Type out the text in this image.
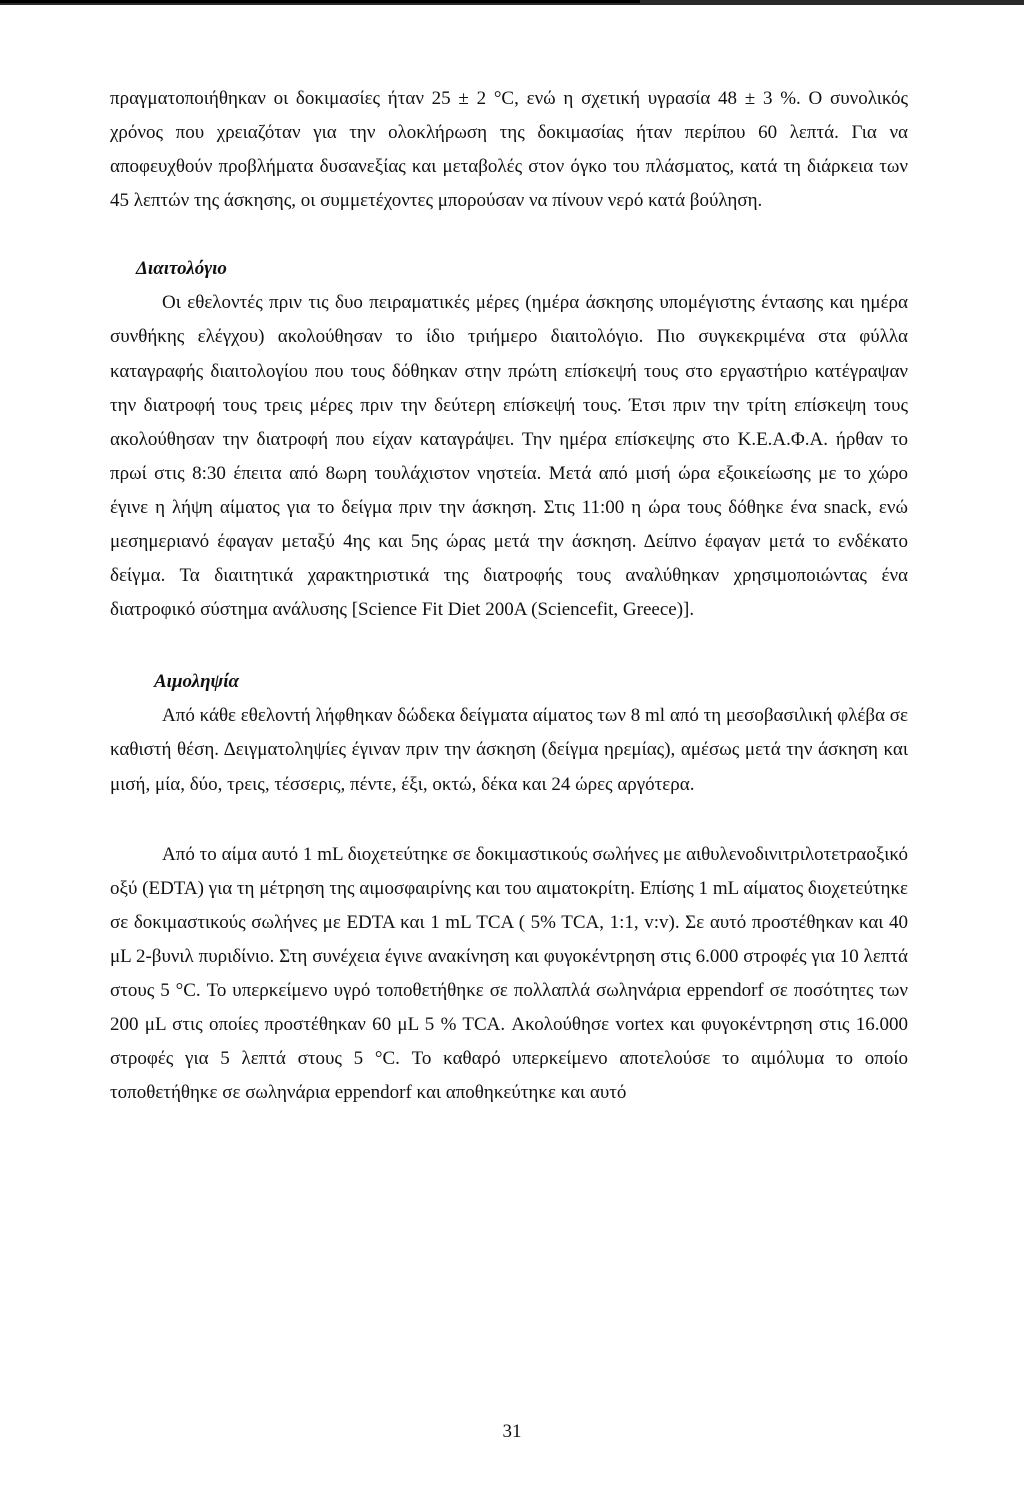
πραγματοποιήθηκαν οι δοκιμασίες ήταν 25 ± 2 °C, ενώ η σχετική υγρασία 48 ± 3 %. Ο συνολικός χρόνος που χρειαζόταν για την ολοκλήρωση της δοκιμασίας ήταν περίπου 60 λεπτά. Για να αποφευχθούν προβλήματα δυσανεξίας και μεταβολές στον όγκο του πλάσματος, κατά τη διάρκεια των 45 λεπτών της άσκησης, οι συμμετέχοντες μπορούσαν να πίνουν νερό κατά βούληση.

Διαιτολόγιο

Οι εθελοντές πριν τις δυο πειραματικές μέρες (ημέρα άσκησης υπομέγιστης έντασης και ημέρα συνθήκης ελέγχου) ακολούθησαν το ίδιο τριήμερο διαιτολόγιο. Πιο συγκεκριμένα στα φύλλα καταγραφής διαιτολογίου που τους δόθηκαν στην πρώτη επίσκεψή τους στο εργαστήριο κατέγραψαν την διατροφή τους τρεις μέρες πριν την δεύτερη επίσκεψή τους. Έτσι πριν την τρίτη επίσκεψη τους ακολούθησαν την διατροφή που είχαν καταγράψει. Την ημέρα επίσκεψης στο Κ.Ε.Α.Φ.Α. ήρθαν το πρωί στις 8:30 έπειτα από 8ωρη τουλάχιστον νηστεία. Μετά από μισή ώρα εξοικείωσης με το χώρο έγινε η λήψη αίματος για το δείγμα πριν την άσκηση. Στις 11:00 η ώρα τους δόθηκε ένα snack, ενώ μεσημεριανό έφαγαν μεταξύ 4ης και 5ης ώρας μετά την άσκηση. Δείπνο έφαγαν μετά το ενδέκατο δείγμα. Τα διαιτητικά χαρακτηριστικά της διατροφής τους αναλύθηκαν χρησιμοποιώντας ένα διατροφικό σύστημα ανάλυσης [Science Fit Diet 200A (Sciencefit, Greece)].

Αιμοληψία

Από κάθε εθελοντή λήφθηκαν δώδεκα δείγματα αίματος των 8 ml από τη μεσοβασιλική φλέβα σε καθιστή θέση. Δειγματοληψίες έγιναν πριν την άσκηση (δείγμα ηρεμίας), αμέσως μετά την άσκηση και μισή, μία, δύο, τρεις, τέσσερις, πέντε, έξι, οκτώ, δέκα και 24 ώρες αργότερα.

Από το αίμα αυτό 1 mL διοχετεύτηκε σε δοκιμαστικούς σωλήνες με αιθυλενοδινιτριλοτετραοξικό οξύ (EDTA) για τη μέτρηση της αιμοσφαιρίνης και του αιματοκρίτη. Επίσης 1 mL αίματος διοχετεύτηκε σε δοκιμαστικούς σωλήνες με EDTA και 1 mL TCA ( 5% TCA, 1:1, v:v). Σε αυτό προστέθηκαν και 40 μL 2-βυνιλ πυριδίνιο. Στη συνέχεια έγινε ανακίνηση και φυγοκέντρηση στις 6.000 στροφές για 10 λεπτά στους 5 °C. Το υπερκείμενο υγρό τοποθετήθηκε σε πολλαπλά σωληνάρια eppendorf σε ποσότητες των 200 μL στις οποίες προστέθηκαν 60 μL 5 % TCA. Ακολούθησε vortex και φυγοκέντρηση στις 16.000 στροφές για 5 λεπτά στους 5 °C. Το καθαρό υπερκείμενο αποτελούσε το αιμόλυμα το οποίο τοποθετήθηκε σε σωληνάρια eppendorf και αποθηκεύτηκε και αυτό

31
